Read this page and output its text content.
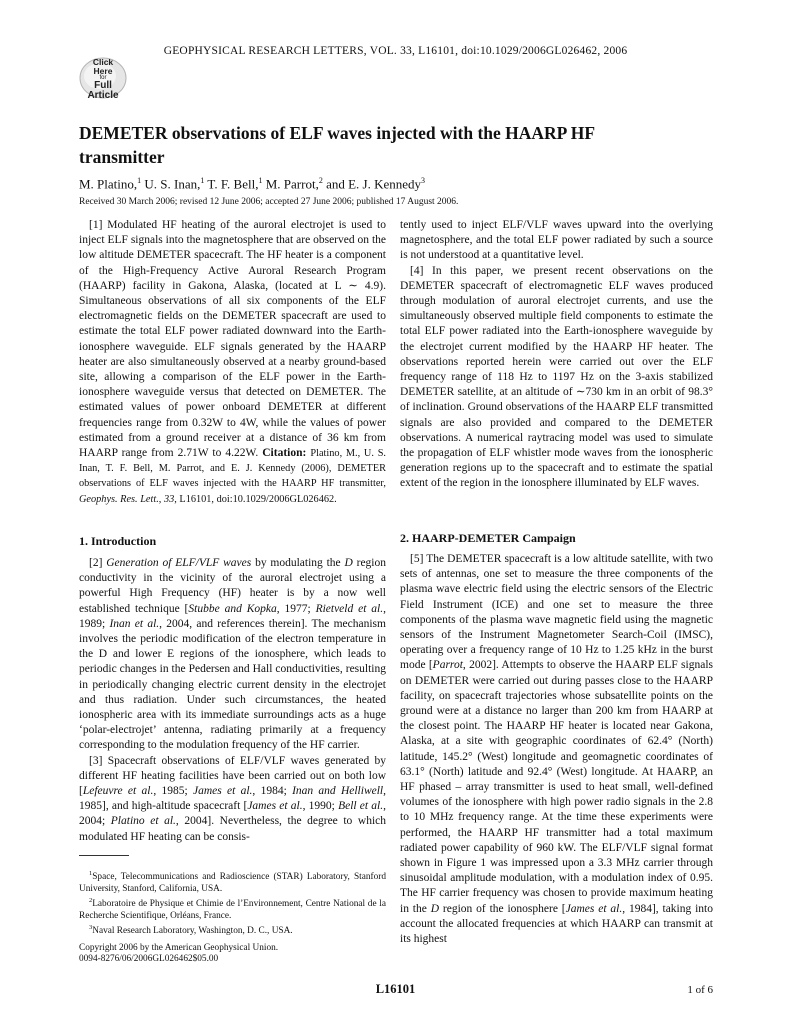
GEOPHYSICAL RESEARCH LETTERS, VOL. 33, L16101, doi:10.1029/2006GL026462, 2006
Click
Here
for
Full
Article
DEMETER observations of ELF waves injected with the HAARP HF
transmitter
M. Platino,$^1$ U. S. Inan,$^1$ T. F. Bell,$^1$ M. Parrot,$^2$ and E. J. Kennedy$^3$
Received 30 March 2006; revised 12 June 2006; accepted 27 June 2006; published 17 August 2006.

[1] Modulated HF heating of the auroral electrojet is used to inject ELF signals into the magnetosphere that are observed on the low altitude DEMETER spacecraft. The HF heater is a component of the High-Frequency Active Auroral Research Program (HAARP) facility in Gakona, Alaska, (located at L ∼ 4.9). Simultaneous observations of all six components of the ELF electromagnetic fields on the DEMETER spacecraft are used to estimate the total ELF power radiated downward into the Earth-ionosphere waveguide. ELF signals generated by the HAARP heater are also simultaneously observed at a nearby ground-based site, allowing a comparison of the ELF power in the Earth-ionosphere waveguide versus that detected on DEMETER. The estimated values of power onboard DEMETER at different frequencies range from 0.32W to 4W, while the values of power estimated from a ground receiver at a distance of 36 km from HAARP range from 2.71W to 4.22W. Citation: Platino, M., U. S. Inan, T. F. Bell, M. Parrot, and E. J. Kennedy (2006), DEMETER observations of ELF waves injected with the HAARP HF transmitter, Geophys. Res. Lett., 33, L16101, doi:10.1029/2006GL026462.

1. Introduction

[2] Generation of ELF/VLF waves by modulating the D region conductivity in the vicinity of the auroral electrojet using a powerful High Frequency (HF) heater is by a now well established technique [Stubbe and Kopka, 1977; Rietveld et al., 1989; Inan et al., 2004, and references therein]. The mechanism involves the periodic modification of the electron temperature in the D and lower E regions of the ionosphere, which leads to periodic changes in the Pedersen and Hall conductivities, resulting in periodically changing electric current density in the electrojet and thus radiation. Under such circumstances, the heated ionospheric area with its immediate surroundings acts as a huge ‘polar-electrojet’ antenna, radiating primarily at a frequency corresponding to the modulation frequency of the HF carrier.

[3] Spacecraft observations of ELF/VLF waves generated by different HF heating facilities have been carried out on both low [Lefeuvre et al., 1985; James et al., 1984; Inan and Helliwell, 1985], and high-altitude spacecraft [James et al., 1990; Bell et al., 2004; Platino et al., 2004]. Nevertheless, the degree to which modulated HF heating can be consis-

$^1$Space, Telecommunications and Radioscience (STAR) Laboratory, Stanford University, Stanford, California, USA.
$^2$Laboratoire de Physique et Chimie de l’Environnement, Centre National de la Recherche Scientifique, Orléans, France.
$^3$Naval Research Laboratory, Washington, D. C., USA.
Copyright 2006 by the American Geophysical Union.
0094-8276/06/2006GL026462$05.00

tently used to inject ELF/VLF waves upward into the overlying magnetosphere, and the total ELF power radiated by such a source is not understood at a quantitative level.

[4] In this paper, we present recent observations on the DEMETER spacecraft of electromagnetic ELF waves produced through modulation of auroral electrojet currents, and use the simultaneously observed multiple field components to estimate the total ELF power radiated into the Earth-ionosphere waveguide by the electrojet current modified by the HAARP HF heater. The observations reported herein were carried out over the ELF frequency range of 118 Hz to 1197 Hz on the 3-axis stabilized DEMETER satellite, at an altitude of ∼730 km in an orbit of 98.3° of inclination. Ground observations of the HAARP ELF transmitted signals are also provided and compared to the DEMETER observations. A numerical raytracing model was used to simulate the propagation of ELF whistler mode waves from the ionospheric generation regions up to the spacecraft and to estimate the spatial extent of the region in the ionosphere illuminated by ELF waves.

2. HAARP-DEMETER Campaign

[5] The DEMETER spacecraft is a low altitude satellite, with two sets of antennas, one set to measure the three components of the plasma wave electric field using the electric sensors of the Electric Field Instrument (ICE) and one set to measure the three components of the plasma wave magnetic field using the magnetic sensors of the Instrument Magnetometer Search-Coil (IMSC), operating over a frequency range of 10 Hz to 1.25 kHz in the burst mode [Parrot, 2002]. Attempts to observe the HAARP ELF signals on DEMETER were carried out during passes close to the HAARP facility, on spacecraft trajectories whose subsatellite points on the ground were at a distance no larger than 200 km from HAARP at the closest point. The HAARP HF heater is located near Gakona, Alaska, at a site with geographic coordinates of 62.4° (North) latitude, 145.2° (West) longitude and geomagnetic coordinates of 63.1° (North) latitude and 92.4° (West) longitude. At HAARP, an HF phased – array transmitter is used to heat small, well-defined volumes of the ionosphere with high power radio signals in the 2.8 to 10 MHz frequency range. At the time these experiments were performed, the HAARP HF transmitter had a total maximum radiated power capability of 960 kW. The ELF/VLF signal format shown in Figure 1 was impressed upon a 3.3 MHz carrier through sinusoidal amplitude modulation, with a modulation index of 0.95. The HF carrier frequency was chosen to provide maximum heating in the D region of the ionosphere [James et al., 1984], taking into account the allocated frequencies at which HAARP can transmit at its highest

L16101	1 of 6
